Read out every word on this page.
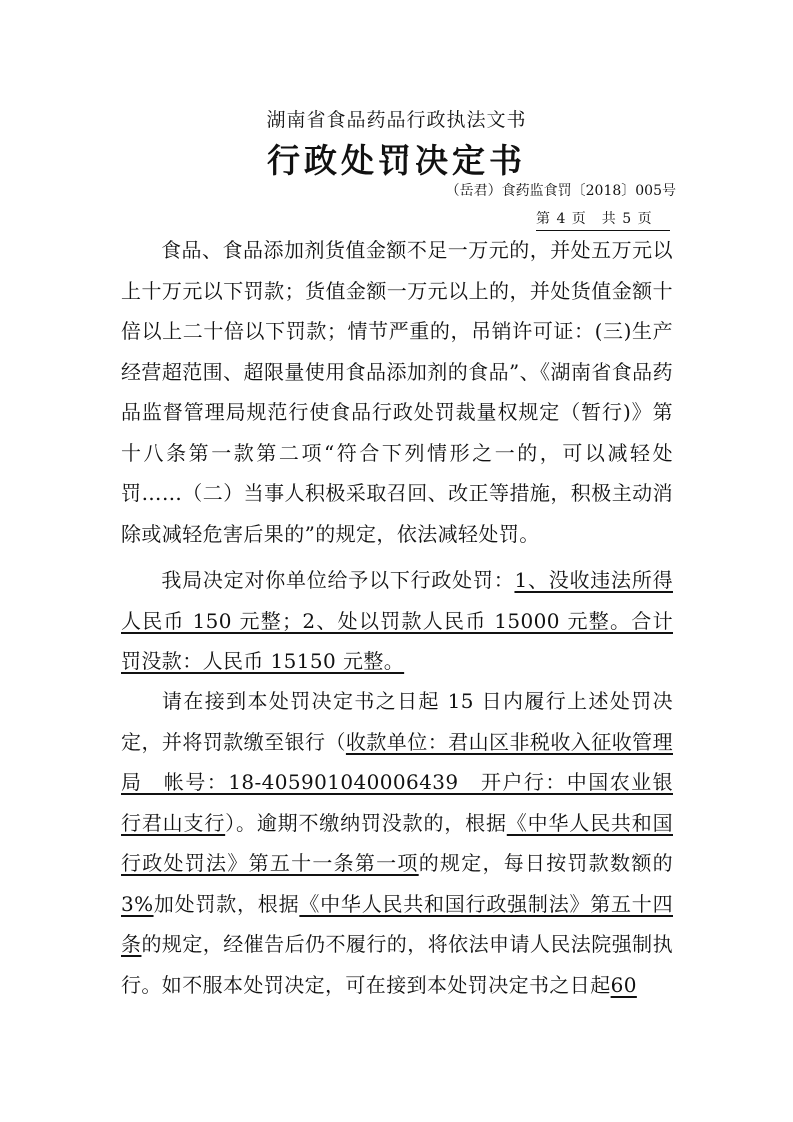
湖南省食品药品行政执法文书
行政处罚决定书
（岳君）食药监食罚〔2018〕005号
第 4 页　共 5 页

食品、食品添加剂货值金额不足一万元的，并处五万元以上十万元以下罚款；货值金额一万元以上的，并处货值金额十倍以上二十倍以下罚款；情节严重的，吊销许可证：(三)生产经营超范围、超限量使用食品添加剂的食品”、《湖南省食品药品监督管理局规范行使食品行政处罚裁量权规定（暂行)》第十八条第一款第二项“符合下列情形之一的，可以减轻处罚……（二）当事人积极采取召回、改正等措施，积极主动消除或减轻危害后果的”的规定，依法减轻处罚。

我局决定对你单位给予以下行政处罚：1、没收违法所得人民币 150 元整；2、处以罚款人民币 15000 元整。合计罚没款：人民币 15150 元整。

请在接到本处罚决定书之日起 15 日内履行上述处罚决定，并将罚款缴至银行（收款单位：君山区非税收入征收管理局　帐号：18-405901040006439　开户行：中国农业银行君山支行）。逾期不缴纳罚没款的，根据《中华人民共和国行政处罚法》第五十一条第一项的规定，每日按罚款数额的3%加处罚款，根据《中华人民共和国行政强制法》第五十四条的规定，经催告后仍不履行的，将依法申请人民法院强制执行。如不服本处罚决定，可在接到本处罚决定书之日起60
